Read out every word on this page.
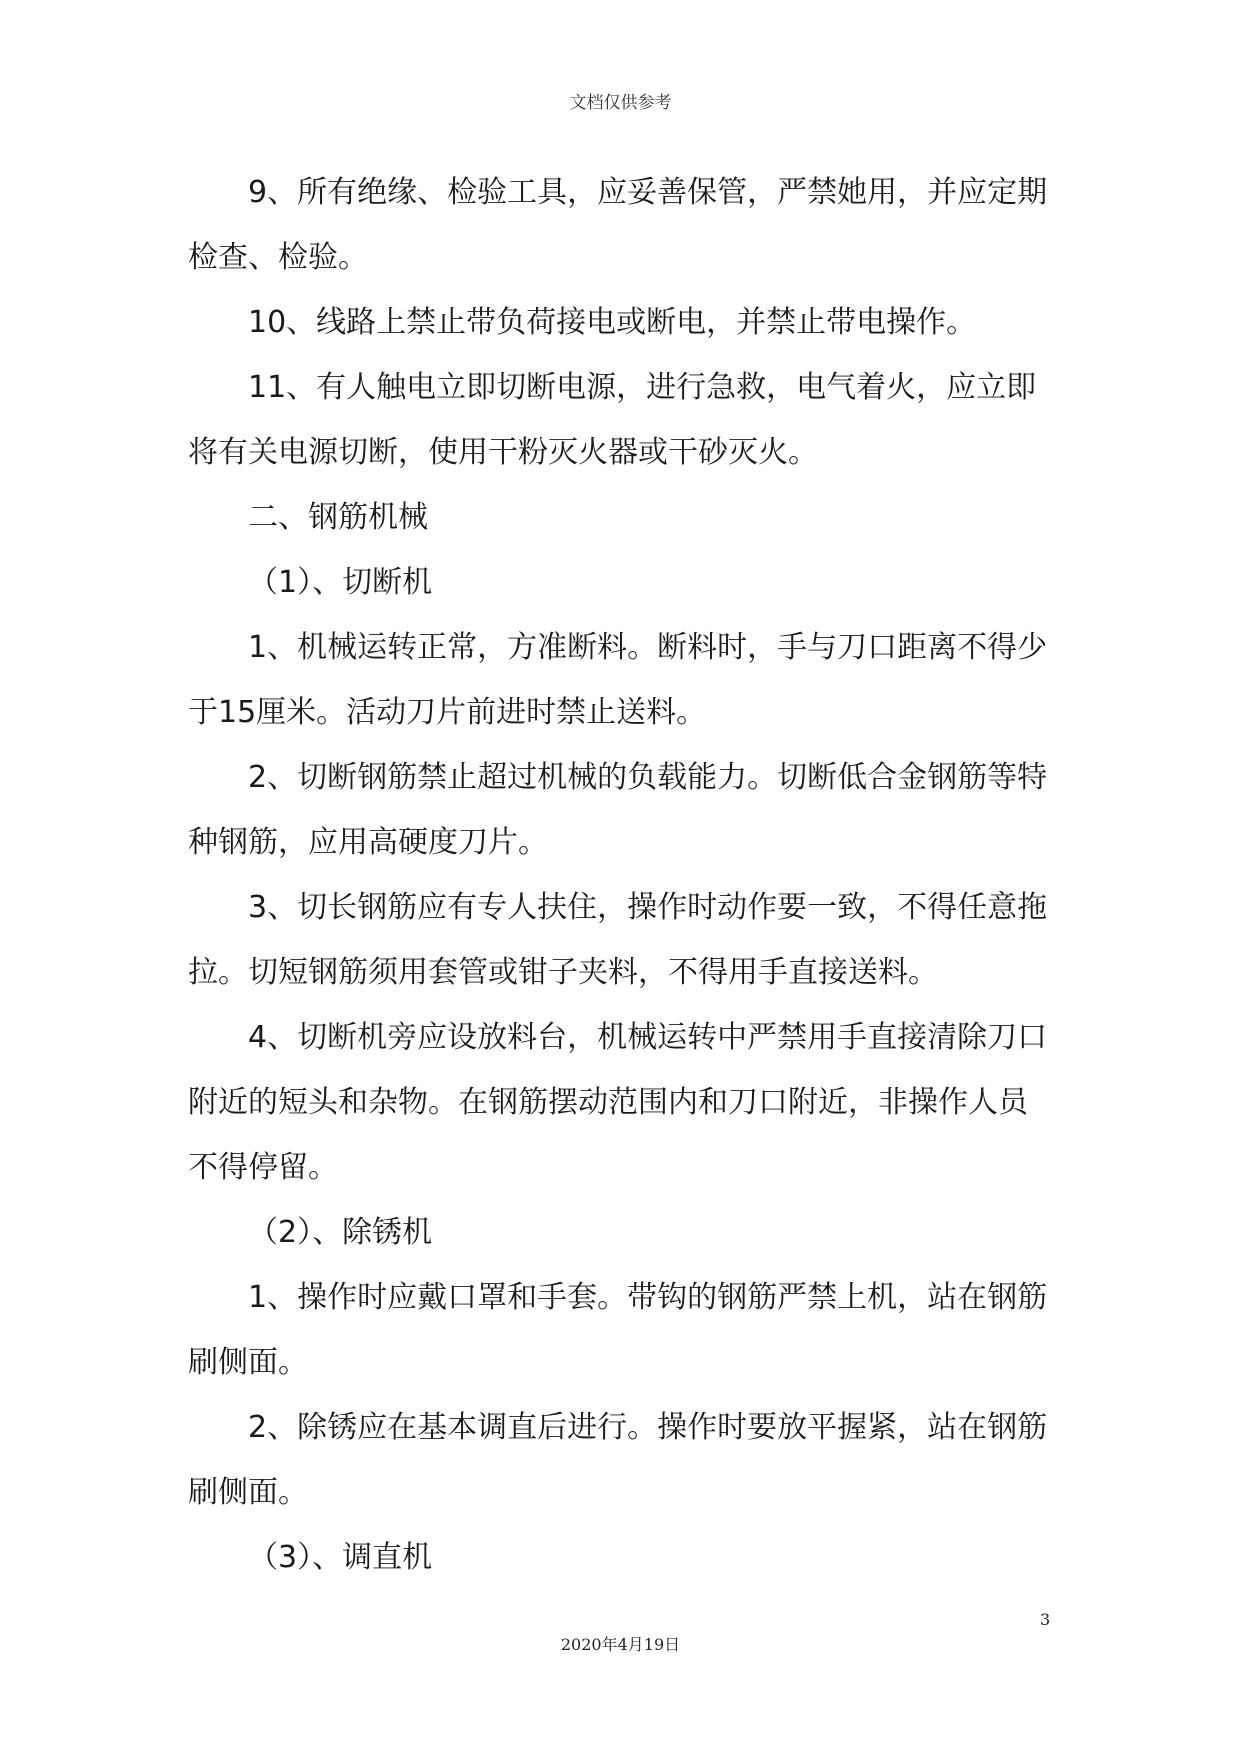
文档仅供参考
9、所有绝缘、检验工具，应妥善保管，严禁她用，并应定期
检查、检验。
10、线路上禁止带负荷接电或断电，并禁止带电操作。
11、有人触电立即切断电源，进行急救，电气着火，应立即
将有关电源切断，使用干粉灭火器或干砂灭火。
二、钢筋机械
（1）、切断机
1、机械运转正常，方准断料。断料时，手与刀口距离不得少
于15厘米。活动刀片前进时禁止送料。
2、切断钢筋禁止超过机械的负载能力。切断低合金钢筋等特
种钢筋，应用高硬度刀片。
3、切长钢筋应有专人扶住，操作时动作要一致，不得任意拖
拉。切短钢筋须用套管或钳子夹料，不得用手直接送料。
4、切断机旁应设放料台，机械运转中严禁用手直接清除刀口
附近的短头和杂物。在钢筋摆动范围内和刀口附近，非操作人员
不得停留。
（2）、除锈机
1、操作时应戴口罩和手套。带钩的钢筋严禁上机，站在钢筋
刷侧面。
2、除锈应在基本调直后进行。操作时要放平握紧，站在钢筋
刷侧面。
（3）、调直机
3
2020年4月19日
